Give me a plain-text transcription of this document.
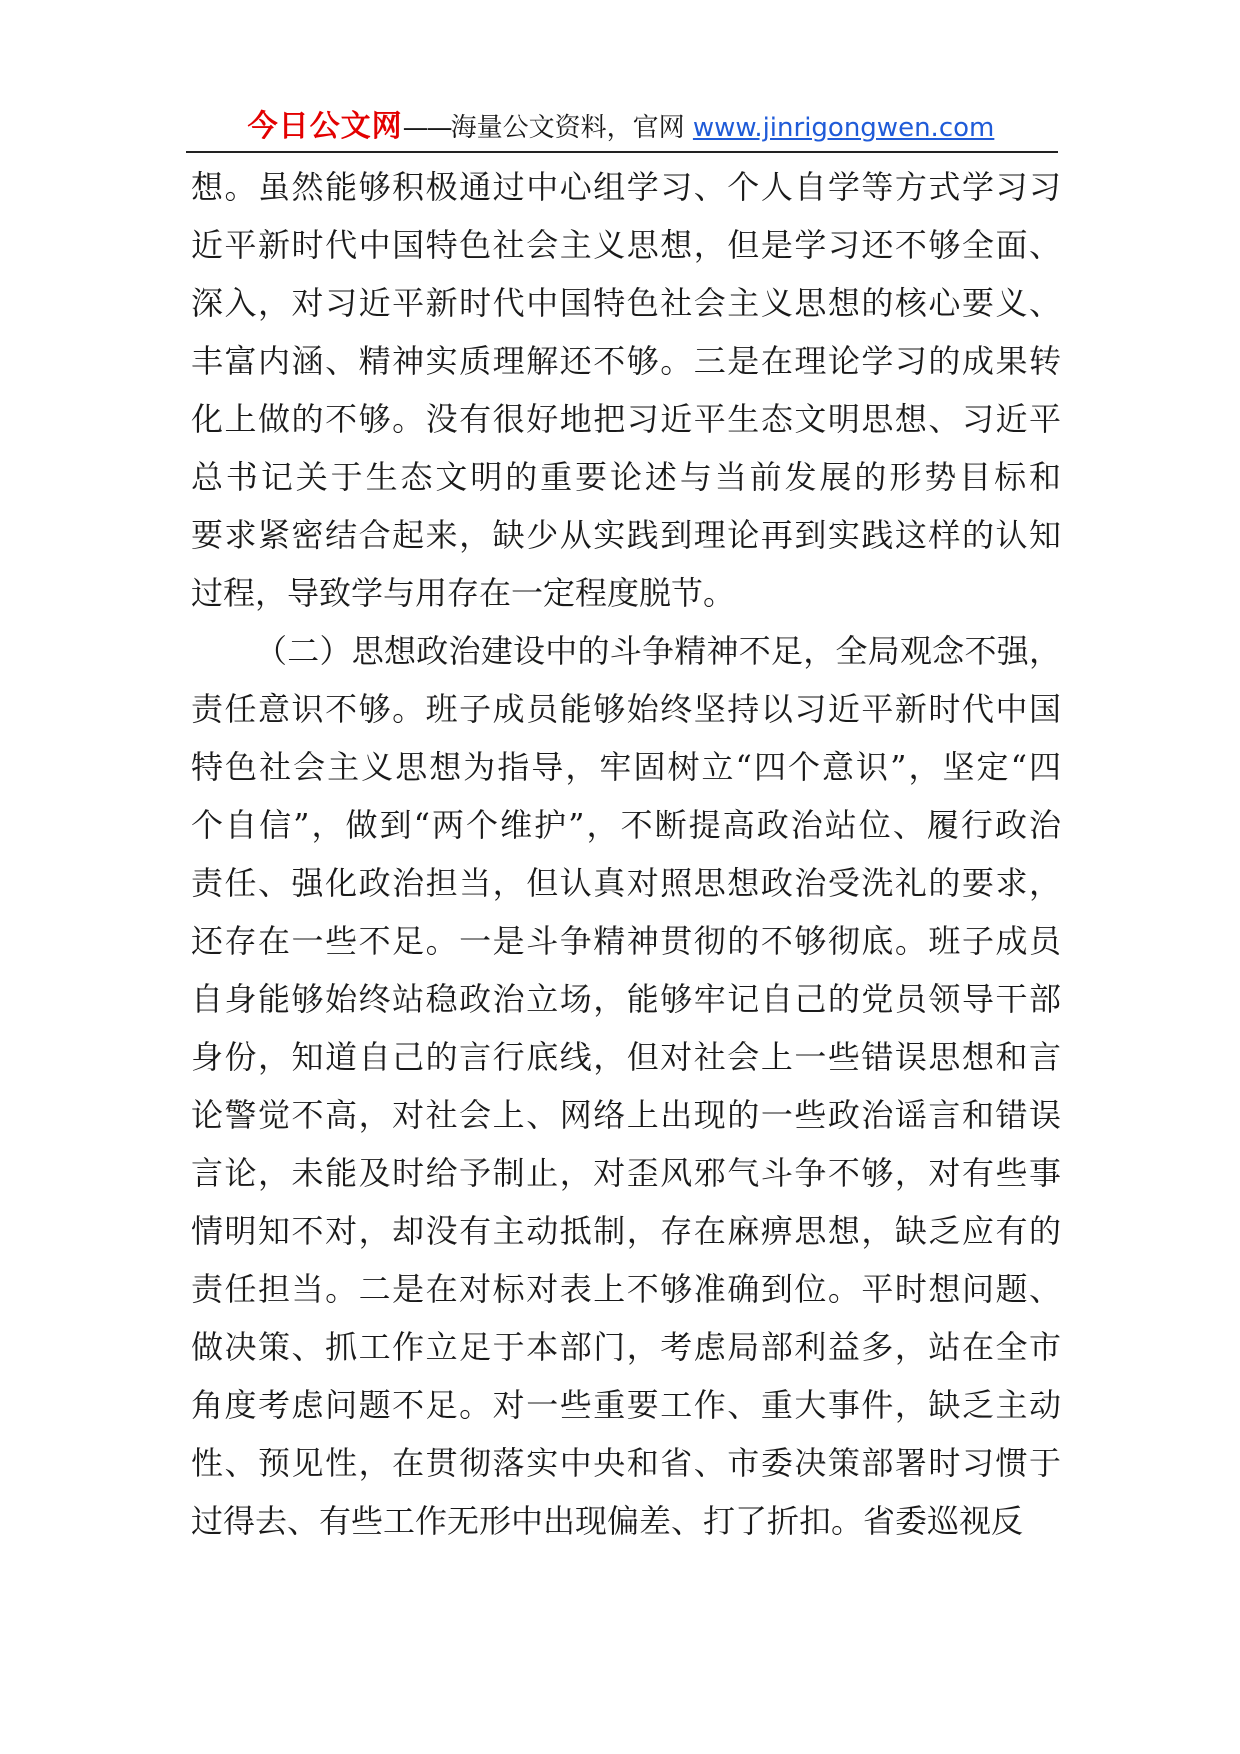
今日公文网——海量公文资料，官网 www.jinrigongwen.com
想。虽然能够积极通过中心组学习、个人自学等方式学习习
近平新时代中国特色社会主义思想，但是学习还不够全面、
深入，对习近平新时代中国特色社会主义思想的核心要义、
丰富内涵、精神实质理解还不够。三是在理论学习的成果转
化上做的不够。没有很好地把习近平生态文明思想、习近平
总书记关于生态文明的重要论述与当前发展的形势目标和
要求紧密结合起来，缺少从实践到理论再到实践这样的认知
过程，导致学与用存在一定程度脱节。
（二）思想政治建设中的斗争精神不足，全局观念不强，
责任意识不够。班子成员能够始终坚持以习近平新时代中国
特色社会主义思想为指导，牢固树立“四个意识”，坚定“四
个自信”，做到“两个维护”，不断提高政治站位、履行政治
责任、强化政治担当，但认真对照思想政治受洗礼的要求，
还存在一些不足。一是斗争精神贯彻的不够彻底。班子成员
自身能够始终站稳政治立场，能够牢记自己的党员领导干部
身份，知道自己的言行底线，但对社会上一些错误思想和言
论警觉不高，对社会上、网络上出现的一些政治谣言和错误
言论，未能及时给予制止，对歪风邪气斗争不够，对有些事
情明知不对，却没有主动抵制，存在麻痹思想，缺乏应有的
责任担当。二是在对标对表上不够准确到位。平时想问题、
做决策、抓工作立足于本部门，考虑局部利益多，站在全市
角度考虑问题不足。对一些重要工作、重大事件，缺乏主动
性、预见性，在贯彻落实中央和省、市委决策部署时习惯于
过得去、有些工作无形中出现偏差、打了折扣。省委巡视反
